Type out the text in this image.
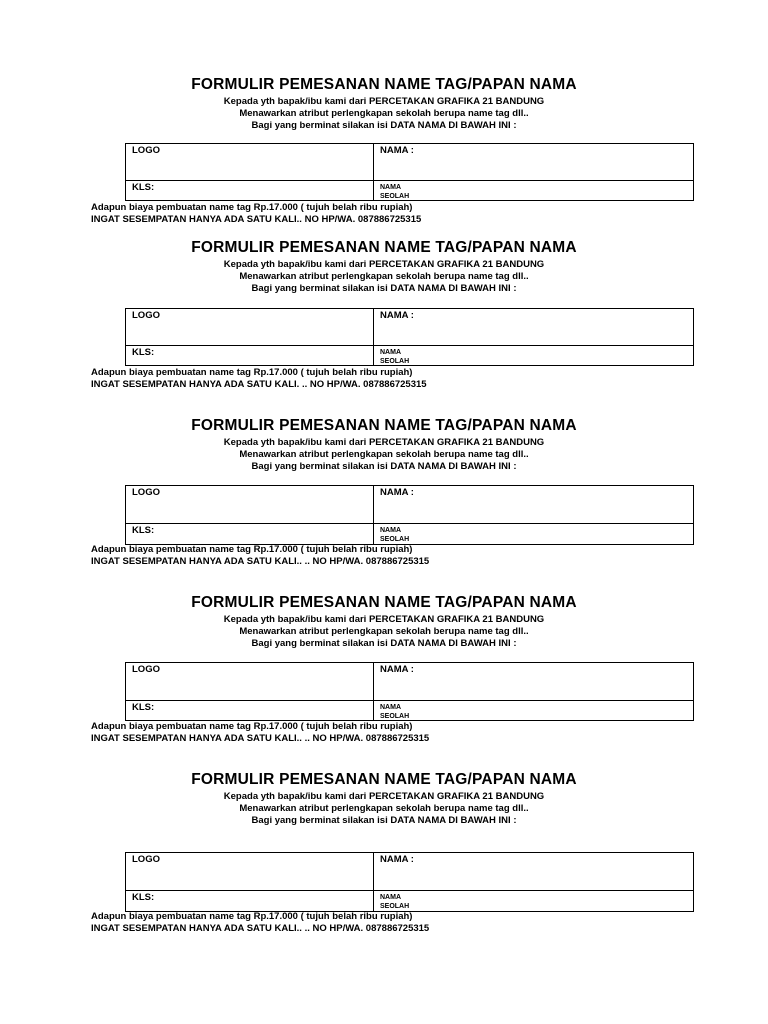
FORMULIR PEMESANAN NAME TAG/PAPAN NAMA
Kepada yth bapak/ibu kami dari PERCETAKAN GRAFIKA 21 BANDUNG
Menawarkan atribut perlengkapan sekolah berupa name tag dll..
Bagi yang berminat silakan isi DATA NAMA DI BAWAH INI :
LOGO	NAMA :
KLS:	NAMA
SEOLAH
Adapun biaya pembuatan name tag Rp.17.000 ( tujuh belah ribu rupiah)
INGAT SESEMPATAN HANYA ADA SATU KALI.. NO HP/WA. 087886725315
FORMULIR PEMESANAN NAME TAG/PAPAN NAMA
Kepada yth bapak/ibu kami dari PERCETAKAN GRAFIKA 21 BANDUNG
Menawarkan atribut perlengkapan sekolah berupa name tag dll..
Bagi yang berminat silakan isi DATA NAMA DI BAWAH INI :
LOGO	NAMA :
KLS:	NAMA
SEOLAH
Adapun biaya pembuatan name tag Rp.17.000 ( tujuh belah ribu rupiah)
INGAT SESEMPATAN HANYA ADA SATU KALI. .. NO HP/WA. 087886725315
FORMULIR PEMESANAN NAME TAG/PAPAN NAMA
Kepada yth bapak/ibu kami dari PERCETAKAN GRAFIKA 21 BANDUNG
Menawarkan atribut perlengkapan sekolah berupa name tag dll..
Bagi yang berminat silakan isi DATA NAMA DI BAWAH INI :
LOGO	NAMA :
KLS:	NAMA
SEOLAH
Adapun biaya pembuatan name tag Rp.17.000 ( tujuh belah ribu rupiah)
INGAT SESEMPATAN HANYA ADA SATU KALI.. .. NO HP/WA. 087886725315
FORMULIR PEMESANAN NAME TAG/PAPAN NAMA
Kepada yth bapak/ibu kami dari PERCETAKAN GRAFIKA 21 BANDUNG
Menawarkan atribut perlengkapan sekolah berupa name tag dll..
Bagi yang berminat silakan isi DATA NAMA DI BAWAH INI :
LOGO	NAMA :
KLS:	NAMA
SEOLAH
Adapun biaya pembuatan name tag Rp.17.000 ( tujuh belah ribu rupiah)
INGAT SESEMPATAN HANYA ADA SATU KALI.. .. NO HP/WA. 087886725315
FORMULIR PEMESANAN NAME TAG/PAPAN NAMA
Kepada yth bapak/ibu kami dari PERCETAKAN GRAFIKA 21 BANDUNG
Menawarkan atribut perlengkapan sekolah berupa name tag dll..
Bagi yang berminat silakan isi DATA NAMA DI BAWAH INI :
LOGO	NAMA :
KLS:	NAMA
SEOLAH
Adapun biaya pembuatan name tag Rp.17.000 ( tujuh belah ribu rupiah)
INGAT SESEMPATAN HANYA ADA SATU KALI.. .. NO HP/WA. 087886725315
